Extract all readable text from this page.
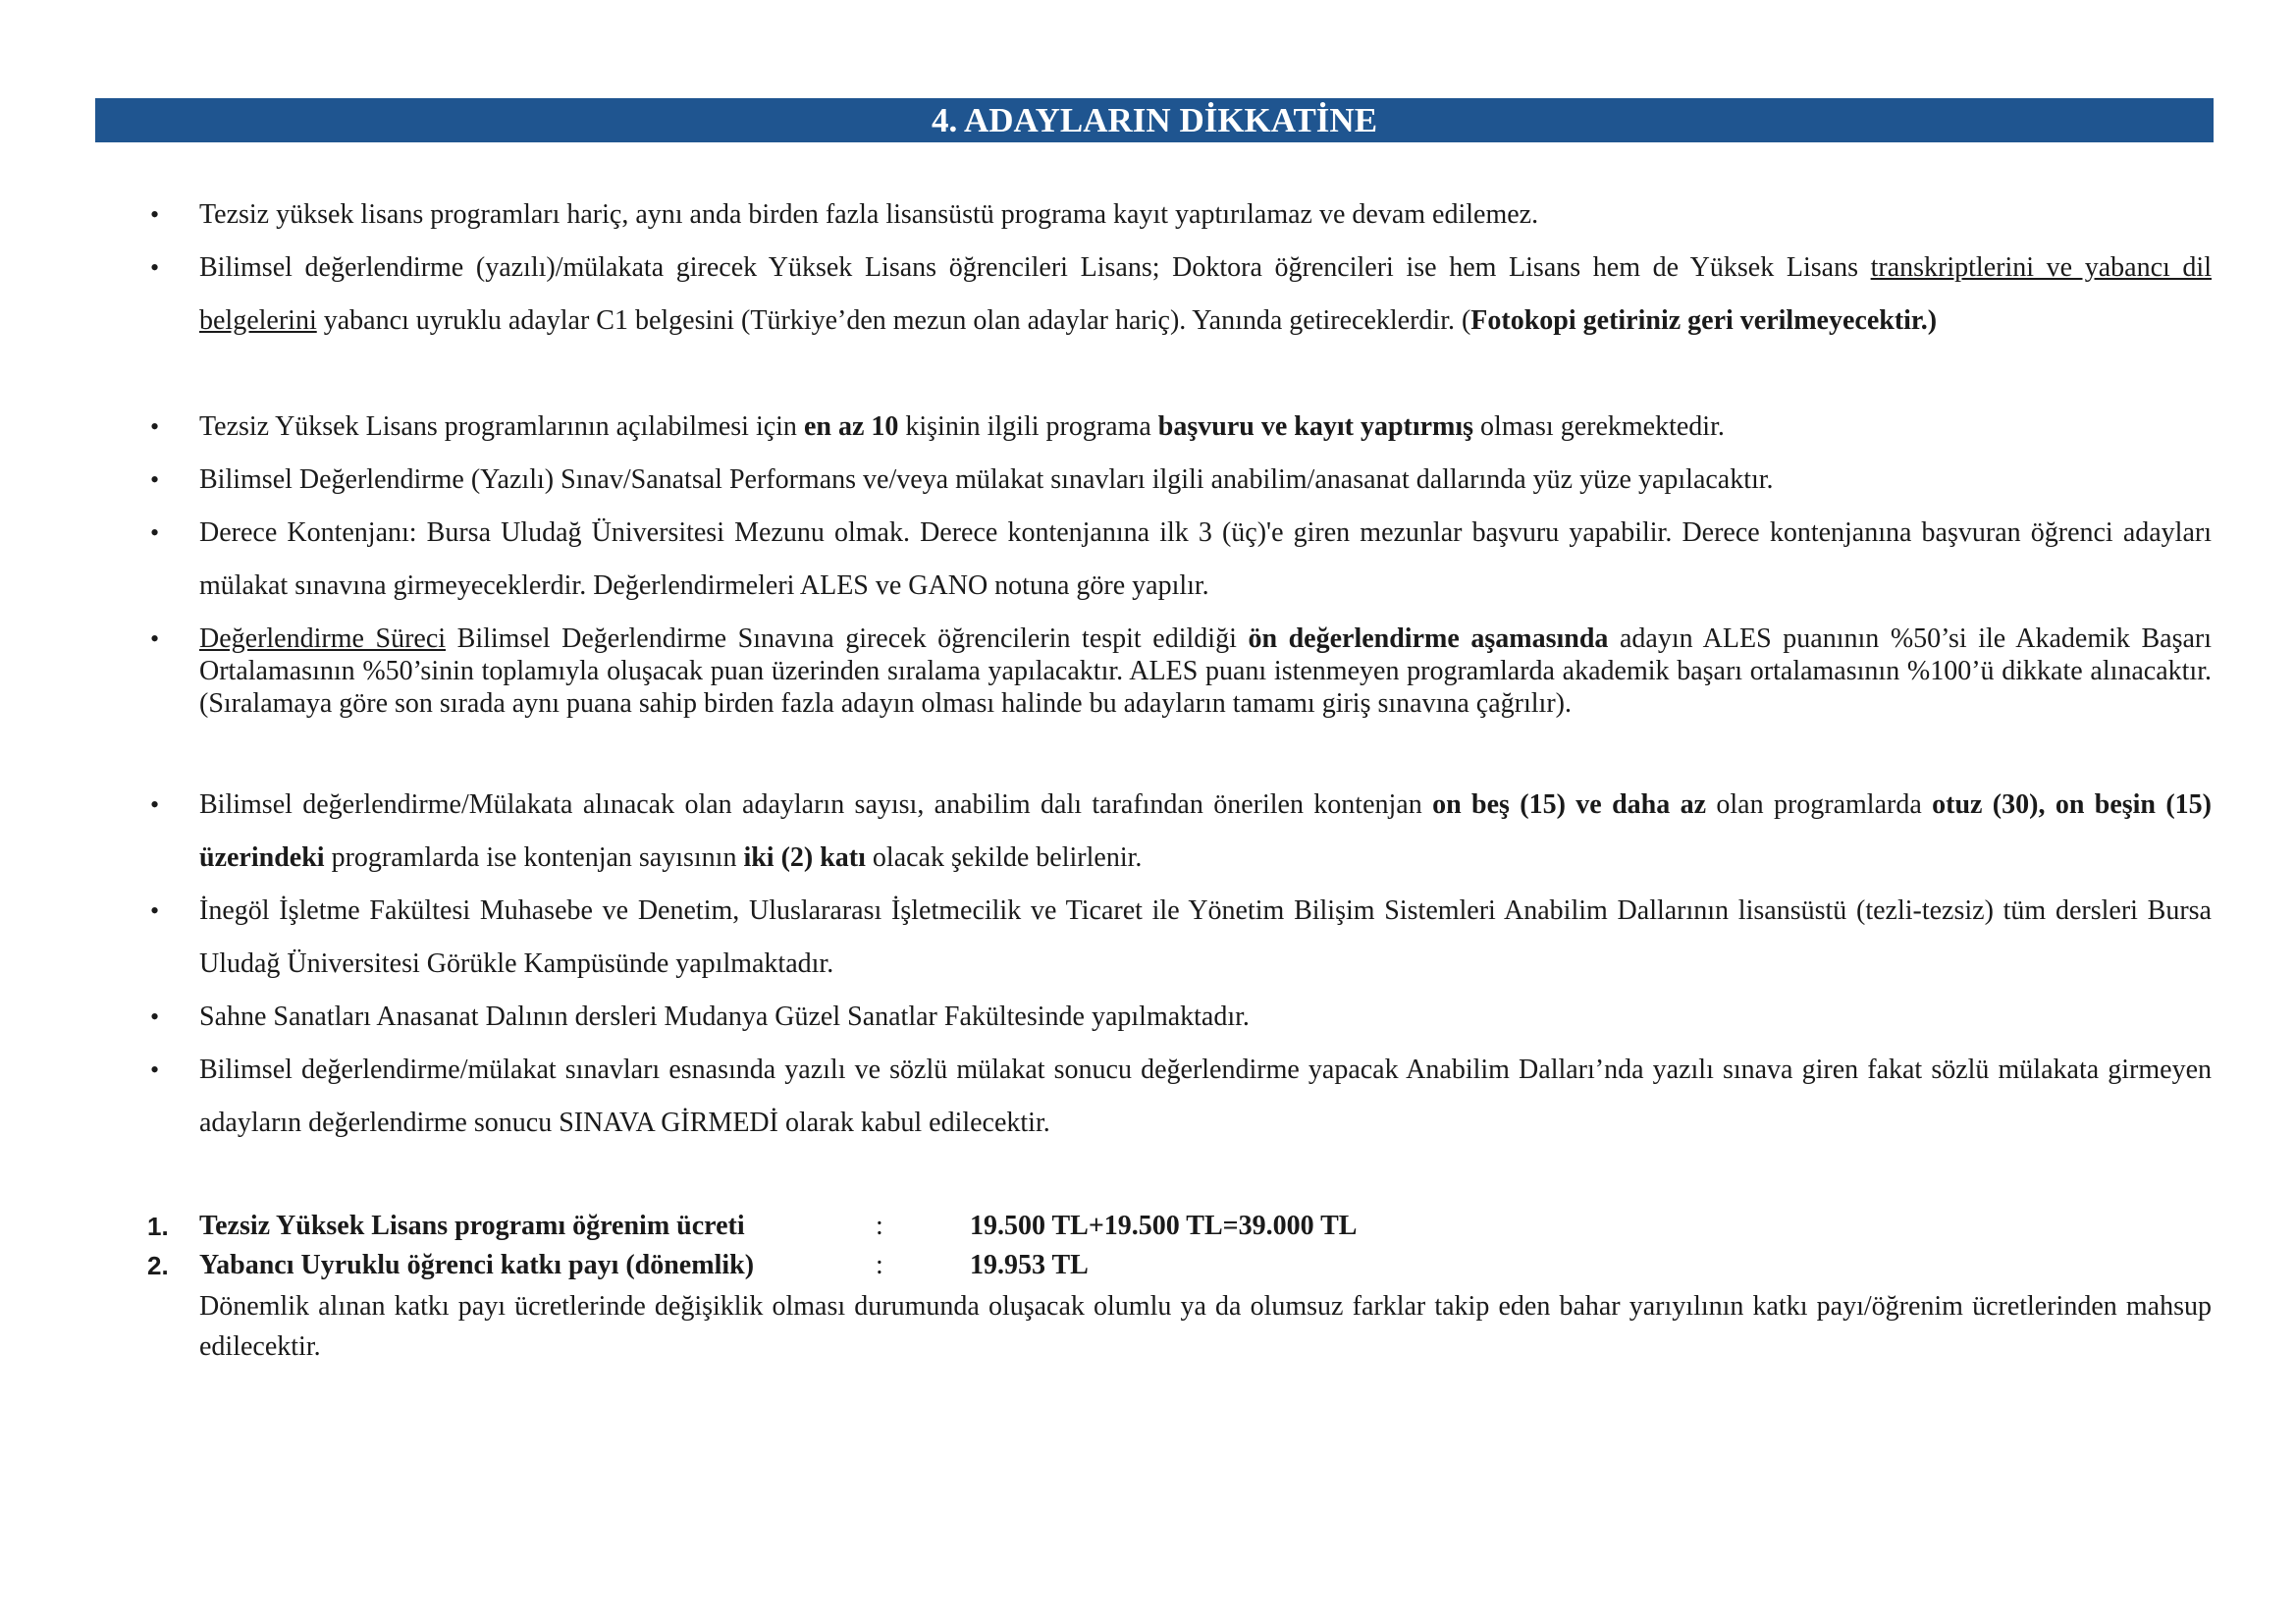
4. ADAYLARIN DİKKATİNE
• Tezsiz yüksek lisans programları hariç, aynı anda birden fazla lisansüstü programa kayıt yaptırılamaz ve devam edilemez.
• Bilimsel değerlendirme (yazılı)/mülakata girecek Yüksek Lisans öğrencileri Lisans; Doktora öğrencileri ise hem Lisans hem de Yüksek Lisans transkriptlerini ve yabancı dil belgelerini yabancı uyruklu adaylar C1 belgesini (Türkiye’den mezun olan adaylar hariç). Yanında getireceklerdir. (Fotokopi getiriniz geri verilmeyecektir.)
• Tezsiz Yüksek Lisans programlarının açılabilmesi için en az 10 kişinin ilgili programa başvuru ve kayıt yaptırmış olması gerekmektedir.
• Bilimsel Değerlendirme (Yazılı) Sınav/Sanatsal Performans ve/veya mülakat sınavları ilgili anabilim/anasanat dallarında yüz yüze yapılacaktır.
• Derece Kontenjanı: Bursa Uludağ Üniversitesi Mezunu olmak. Derece kontenjanına ilk 3 (üç)'e giren mezunlar başvuru yapabilir. Derece kontenjanına başvuran öğrenci adayları mülakat sınavına girmeyeceklerdir. Değerlendirmeleri ALES ve GANO notuna göre yapılır.
• Değerlendirme Süreci Bilimsel Değerlendirme Sınavına girecek öğrencilerin tespit edildiği ön değerlendirme aşamasında adayın ALES puanının %50’si ile Akademik Başarı Ortalamasının %50’sinin toplamıyla oluşacak puan üzerinden sıralama yapılacaktır. ALES puanı istenmeyen programlarda akademik başarı ortalamasının %100’ü dikkate alınacaktır. (Sıralamaya göre son sırada aynı puana sahip birden fazla adayın olması halinde bu adayların tamamı giriş sınavına çağrılır).
• Bilimsel değerlendirme/Mülakata alınacak olan adayların sayısı, anabilim dalı tarafından önerilen kontenjan on beş (15) ve daha az olan programlarda otuz (30), on beşin (15) üzerindeki programlarda ise kontenjan sayısının iki (2) katı olacak şekilde belirlenir.
• İnegöl İşletme Fakültesi Muhasebe ve Denetim, Uluslararası İşletmecilik ve Ticaret ile Yönetim Bilişim Sistemleri Anabilim Dallarının lisansüstü (tezli-tezsiz) tüm dersleri Bursa Uludağ Üniversitesi Görükle Kampüsünde yapılmaktadır.
• Sahne Sanatları Anasanat Dalının dersleri Mudanya Güzel Sanatlar Fakültesinde yapılmaktadır.
• Bilimsel değerlendirme/mülakat sınavları esnasında yazılı ve sözlü mülakat sonucu değerlendirme yapacak Anabilim Dalları’nda yazılı sınava giren fakat sözlü mülakata girmeyen adayların değerlendirme sonucu SINAVA GİRMEDİ olarak kabul edilecektir.
1. Tezsiz Yüksek Lisans programı öğrenim ücreti	:	19.500 TL+19.500 TL=39.000 TL
2. Yabancı Uyruklu öğrenci katkı payı (dönemlik)	:	19.953 TL
Dönemlik alınan katkı payı ücretlerinde değişiklik olması durumunda oluşacak olumlu ya da olumsuz farklar takip eden bahar yarıyılının katkı payı/öğrenim ücretlerinden mahsup edilecektir.
